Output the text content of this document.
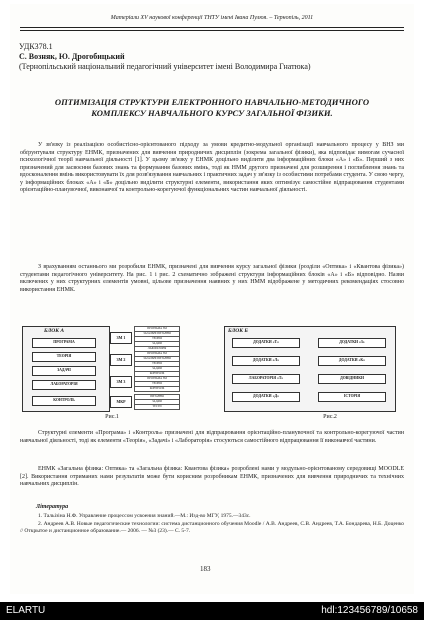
Матеріали XV наукової конференції ТНТУ імені Івана Пулюя. – Тернопіль, 2011
УДК378.1
С. Возняк, Ю. Дрогобицький
(Тернопільський національний педагогічний університет імені Володимира Гнатюка)
ОПТИМІЗАЦІЯ СТРУКТУРИ ЕЛЕКТРОННОГО НАВЧАЛЬНО-МЕТОДИЧНОГО КОМПЛЕКСУ НАВЧАЛЬНОГО КУРСУ ЗАГАЛЬНОЇ ФІЗИКИ.
У зв'язку із реалізацією особистісно-орієнтованого підходу за умови кредитно-модульної організації навчального процесу у ВНЗ ми обґрунтували структуру ЕНМК, призначених для вивчення природничих дисциплін (зокрема загальної фізики), яка відповідає вимогам сучасної психологічної теорії навчальної діяльності [1]. У цьому зв'язку у ЕНМК доцільно виділити два інформаційних блоки «А» і «Б». Перший з них призначений для засвоєння базових знань та формування базових вмінь, тоді як НММ другого призначені для розширення і поглиблення знань та вдосконалення вмінь використовувати їх для розв'язування навчальних і практичних задач у зв'язку із особистими потребами студента. У свою чергу, у інформаційних блоках «А» і «Б» доцільно виділити структурні елементи, використання яких оптимізує самостійне відпрацювання студентами орієнтаційно-планувочної, виконавчої та контрольно-корегуючої функціональних частин навчальної діяльності.
З врахуванням останнього ми розробили ЕНМК, призначені для вивчення курсу загальної фізики (розділи «Оптика» і «Квантова фізика») студентами педагогічного університету. На рис. 1 і рис. 2 схематично зображені структури інформаційних блоків «А» і «Б» відповідно. Назви включених у них структурних елементів умовні, цільове призначення наявних у них НММ відображене у методичних рекомендаціях стосовно використання ЕНМК.
БЛОК А
ПРОГРАМА
ТЕОРІЯ
ЗАДАЧІ
ЛАБОРАТОРІЯ
КОНТРОЛЬ
ЗМ 1
ЗМ 2
ЗМ 3
МКР
ПРОГРАМА ЗМ
ЗАГАЛЬНІ ПИТАННЯ
ТЕОРІЯ
ЗАДАЧІ
ЛАБОРАТОРІЯ
ПРОГРАМА ЗМ
ЗАГАЛЬНІ ПИТАННЯ
ТЕОРІЯ
ЗАДАЧІ
КОНТРОЛЬ
ПРОГРАМА ЗМ
ТЕОРІЯ
КОНТРОЛЬ
ПИТАННЯ
ЗАДАЧІ
ТЕСТИ
Рис.1
БЛОК Б
ДОДАТКИ «Т»	ДОДАТКИ «З»
ДОДАТКИ «Л»	ДОДАТКИ «К»
ЛАБОРАТОРІЯ «Т»	ДОВІДНИКИ
ДОДАТКИ «Д»	ІСТОРІЯ
Рис.2
Структурні елементи «Програма» і «Контроль» призначені для відпрацювання орієнтаційно-планувочної та контрольно-корегуючої частин навчальної діяльності, тоді як елементи «Теорія», «Задачі» і «Лабораторія» стосуються самостійного відпрацювання її виконавчої частини.
ЕНМК «Загальна фізика: Оптика» та «Загальна фізика: Квантова фізика» розроблені нами у модульно-орієнтованому середовищі MOODLE [2]. Використання отриманих нами результатів може бути корисним розробникам ЕНМК, призначених для вивчення природничих та технічних навчальних дисциплін.
Література
1. Тальізіна Н.Ф. Управление процессом усвоения знаний.—М.: Изд-во МГУ, 1975.—343с.
2. Андреев А.В. Новые педагогические технологии: система дистанционного обучения Moodle / А.В. Андреев, С.В. Андреев, Т.А. Бондарева, Н.Б. Доценко // Открытое и дистанционное образование.— 2006. — №3 (23).— С. 5-7.
183
ELARTU	hdl:123456789/10658
